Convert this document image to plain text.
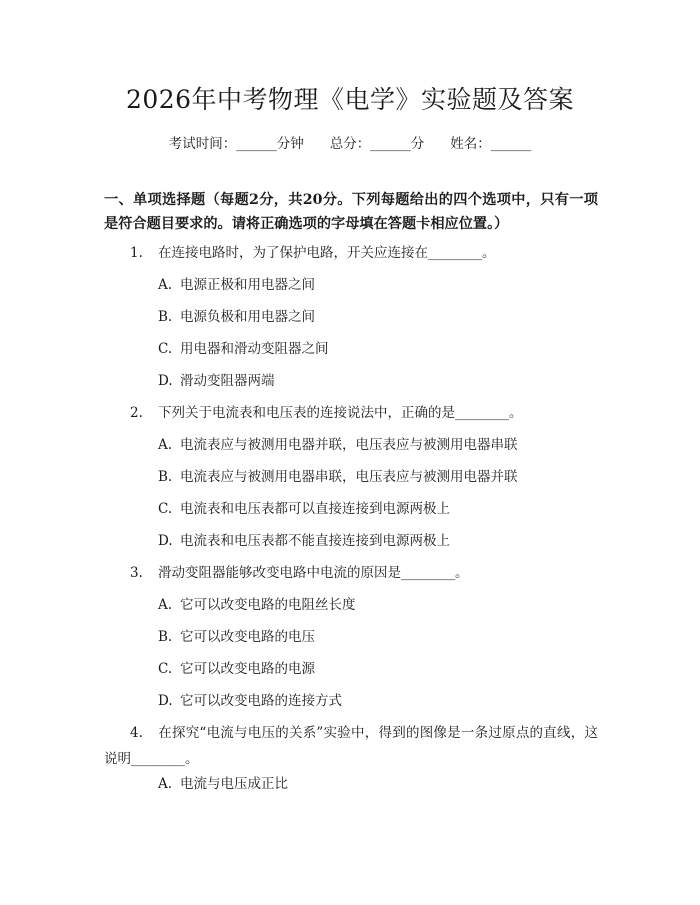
2026年中考物理《电学》实验题及答案
考试时间：______分钟 总分：______分 姓名：______
一、单项选择题（每题2分，共20分。下列每题给出的四个选项中，只有一项是符合题目要求的。请将正确选项的字母填在答题卡相应位置。）
1. 在连接电路时，为了保护电路，开关应连接在________。
A. 电源正极和用电器之间
B. 电源负极和用电器之间
C. 用电器和滑动变阻器之间
D. 滑动变阻器两端
2. 下列关于电流表和电压表的连接说法中，正确的是________。
A. 电流表应与被测用电器并联，电压表应与被测用电器串联
B. 电流表应与被测用电器串联，电压表应与被测用电器并联
C. 电流表和电压表都可以直接连接到电源两极上
D. 电流表和电压表都不能直接连接到电源两极上
3. 滑动变阻器能够改变电路中电流的原因是________。
A. 它可以改变电路的电阻丝长度
B. 它可以改变电路的电压
C. 它可以改变电路的电源
D. 它可以改变电路的连接方式
4. 在探究“电流与电压的关系”实验中，得到的图像是一条过原点的直线，这说明________。
A. 电流与电压成正比
